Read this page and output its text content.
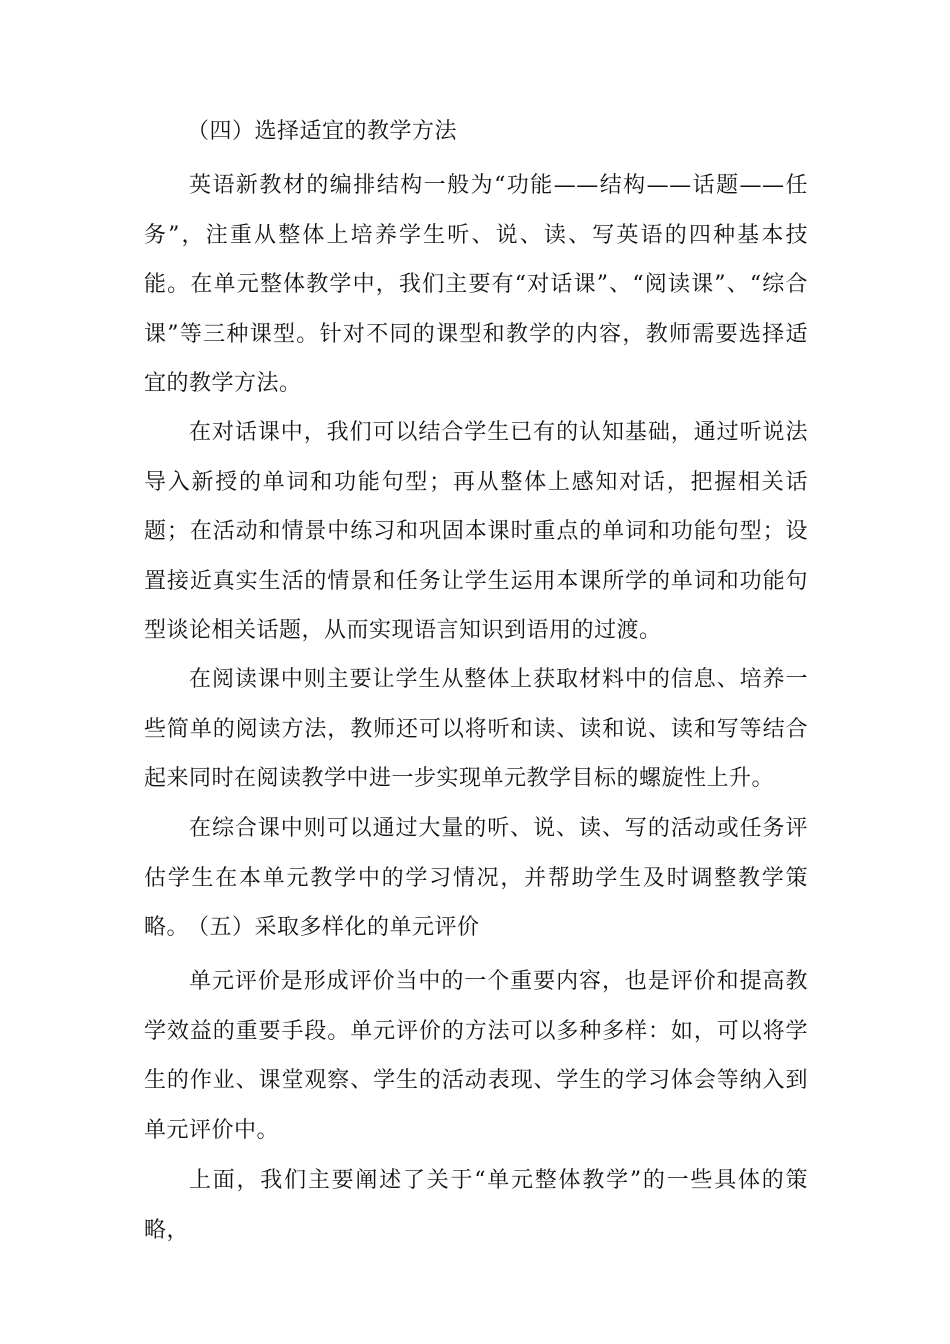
（四）选择适宜的教学方法

英语新教材的编排结构一般为“功能——结构——话题——任务”，注重从整体上培养学生听、说、读、写英语的四种基本技能。在单元整体教学中，我们主要有“对话课”、“阅读课”、“综合课”等三种课型。针对不同的课型和教学的内容，教师需要选择适宜的教学方法。

在对话课中，我们可以结合学生已有的认知基础，通过听说法导入新授的单词和功能句型；再从整体上感知对话，把握相关话题；在活动和情景中练习和巩固本课时重点的单词和功能句型；设置接近真实生活的情景和任务让学生运用本课所学的单词和功能句型谈论相关话题，从而实现语言知识到语用的过渡。

在阅读课中则主要让学生从整体上获取材料中的信息、培养一些简单的阅读方法，教师还可以将听和读、读和说、读和写等结合起来同时在阅读教学中进一步实现单元教学目标的螺旋性上升。

在综合课中则可以通过大量的听、说、读、写的活动或任务评估学生在本单元教学中的学习情况，并帮助学生及时调整教学策略。

（五）采取多样化的单元评价

单元评价是形成评价当中的一个重要内容，也是评价和提高教学效益的重要手段。单元评价的方法可以多种多样：如，可以将学生的作业、课堂观察、学生的活动表现、学生的学习体会等纳入到单元评价中。

上面，我们主要阐述了关于“单元整体教学”的一些具体的策略，
